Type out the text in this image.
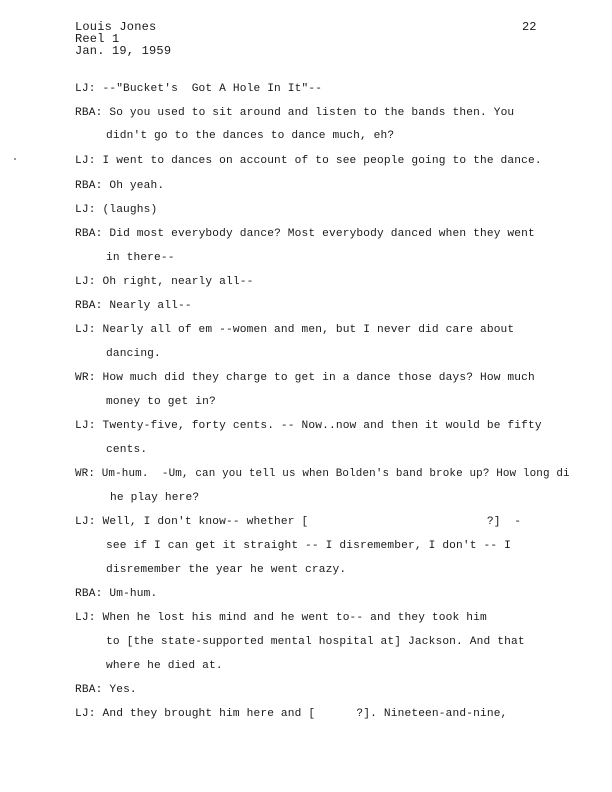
Louis Jones
Reel 1
Jan. 19, 1959
22
LJ: --"Bucket's  Got A Hole In It"--
RBA: So you used to sit around and listen to the bands then. You
didn't go to the dances to dance much, eh?
LJ: I went to dances on account of to see people going to the dance.
RBA: Oh yeah.
LJ: (laughs)
RBA: Did most everybody dance? Most everybody danced when they went
in there--
LJ: Oh right, nearly all--
RBA: Nearly all--
LJ: Nearly all of em --women and men, but I never did care about
dancing.
WR: How much did they charge to get in a dance those days? How much
money to get in?
LJ: Twenty-five, forty cents. -- Now..now and then it would be fifty
cents.
WR: Um-hum.  -Um, can you tell us when Bolden's band broke up? How long di
he play here?
LJ: Well, I don't know-- whether [                          ?]  -
see if I can get it straight -- I disremember, I don't -- I
disremember the year he went crazy.
RBA: Um-hum.
LJ: When he lost his mind and he went to-- and they took him
to [the state-supported mental hospital at] Jackson. And that
where he died at.
RBA: Yes.
LJ: And they brought him here and [      ?]. Nineteen-and-nine,
